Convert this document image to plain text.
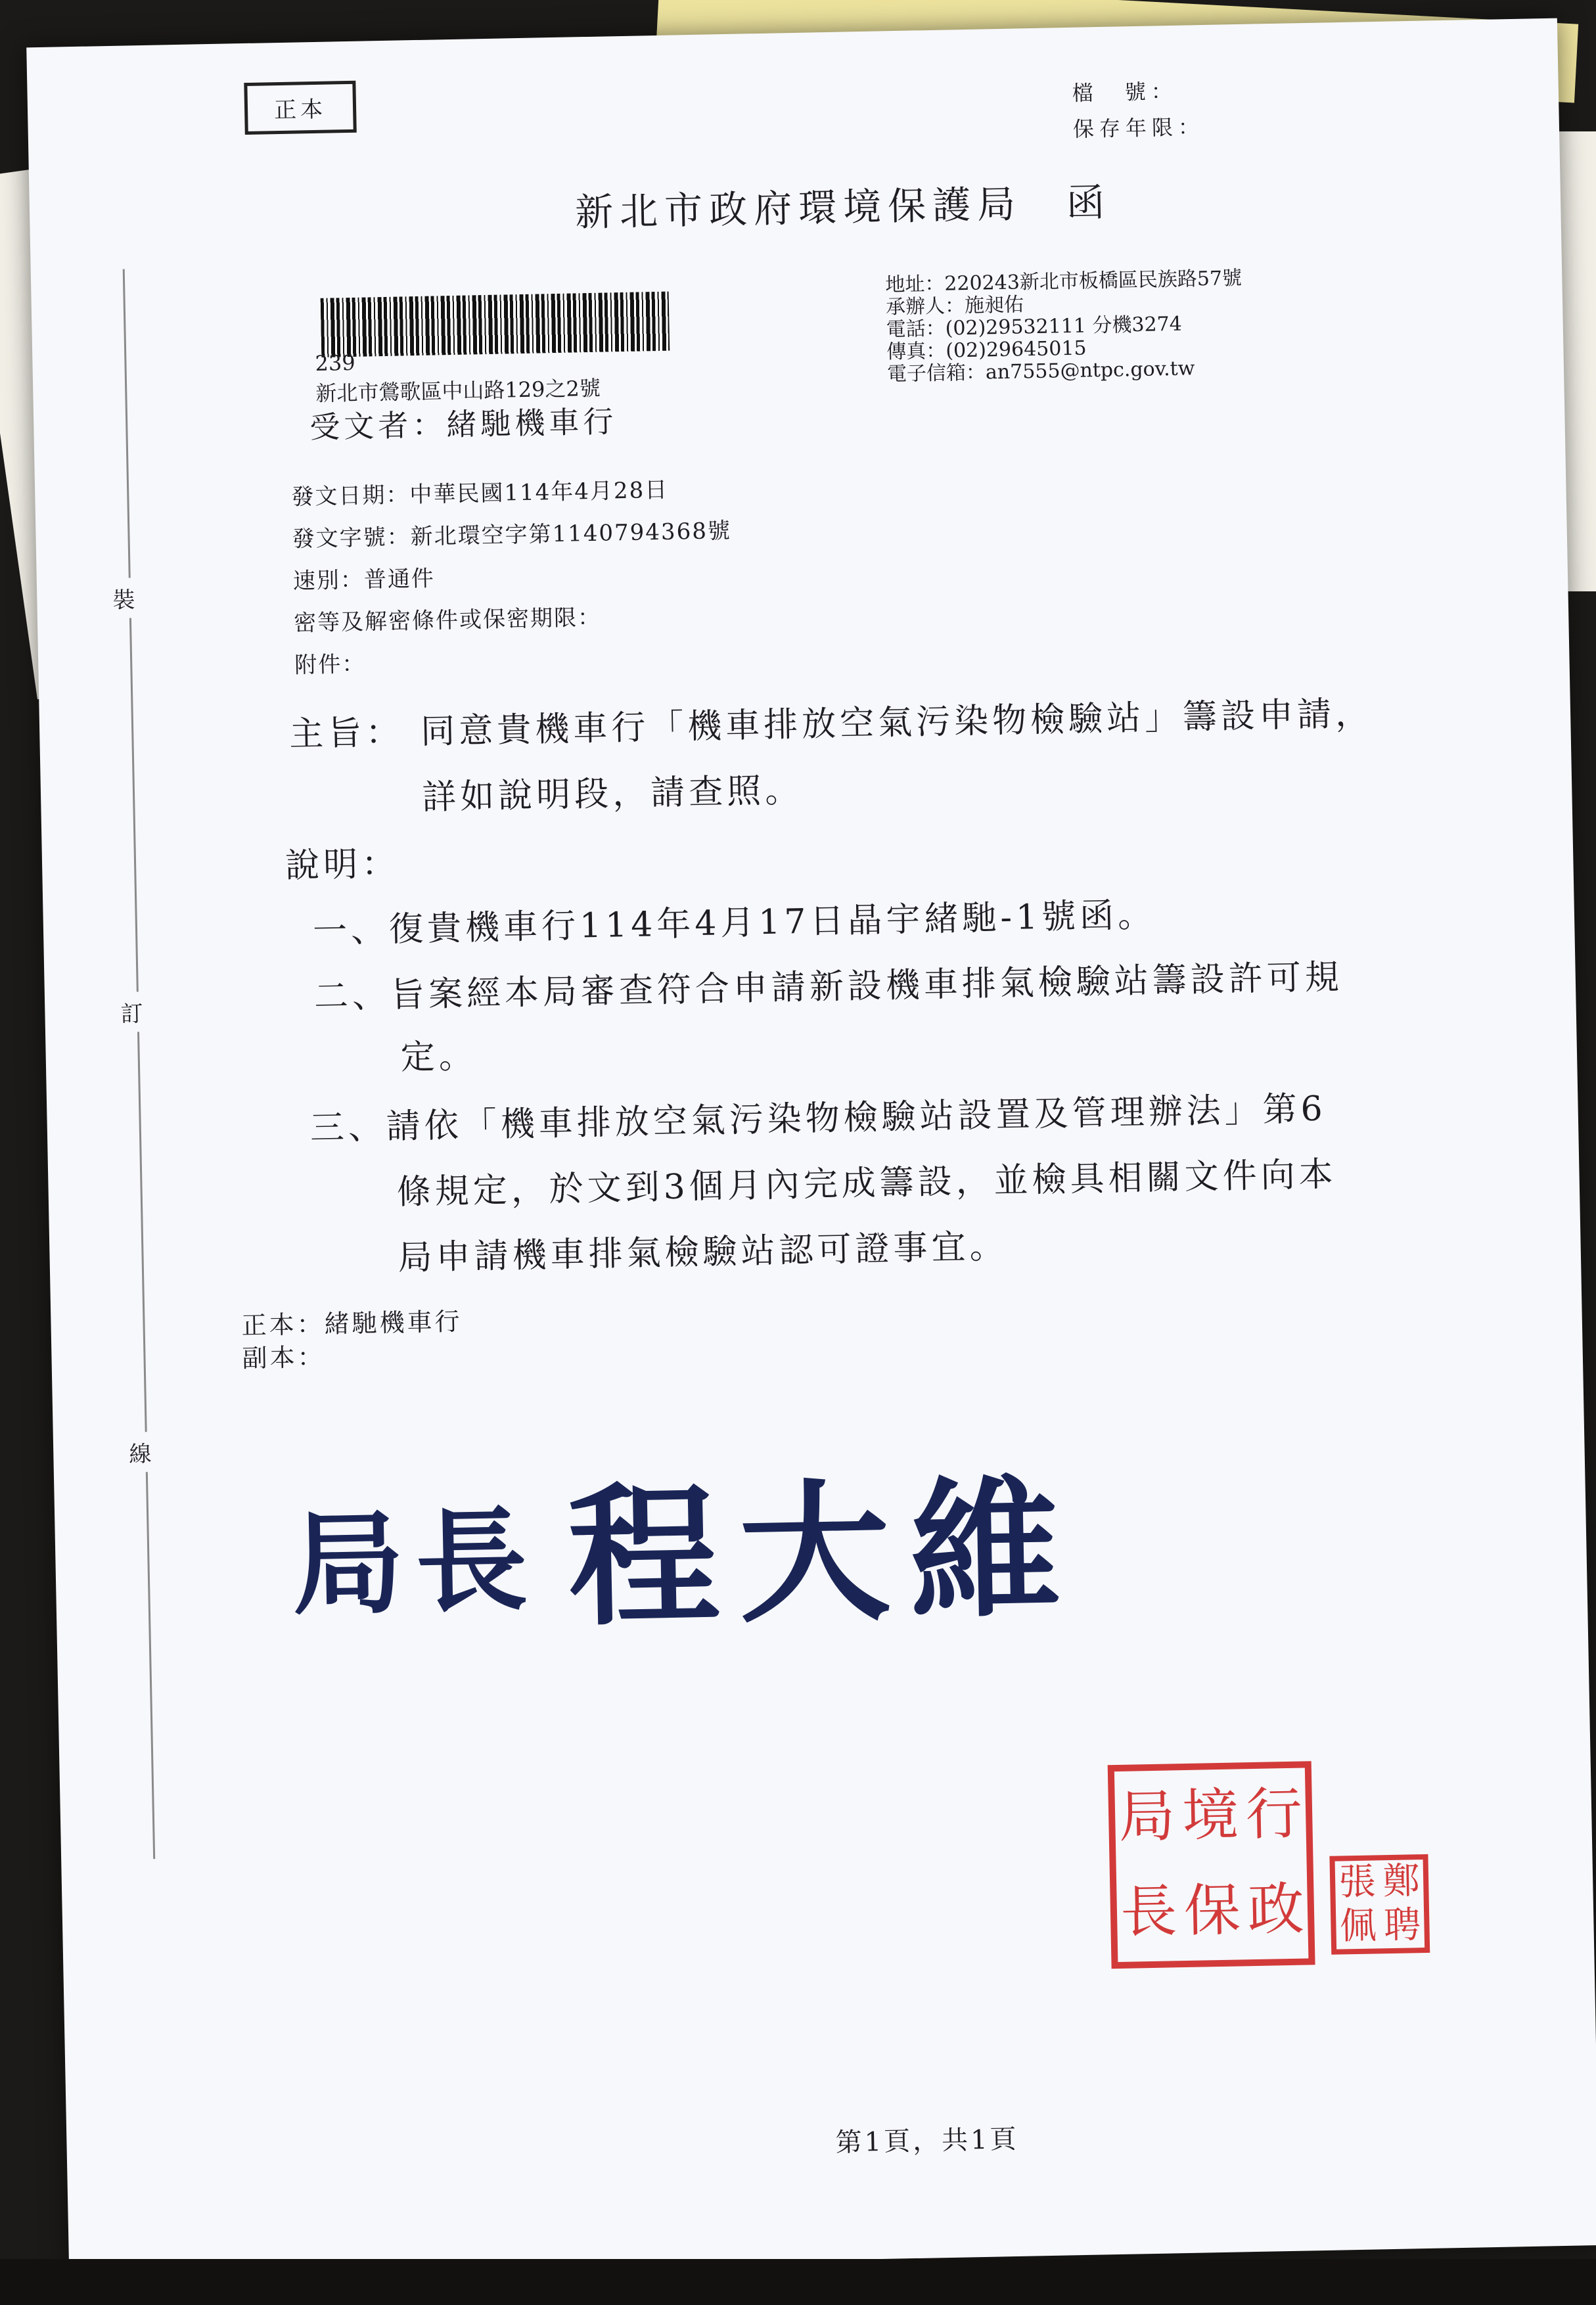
正本
檔　號：
保存年限：
新北市政府環境保護局　函
地址：220243新北市板橋區民族路57號
承辦人：施昶佑
電話：(02)29532111 分機3274
傳真：(02)29645015
電子信箱：an7555@ntpc.gov.tw
239
新北市鶯歌區中山路129之2號
受文者：緒馳機車行
發文日期：中華民國114年4月28日
發文字號：新北環空字第1140794368號
速別：普通件
密等及解密條件或保密期限：
附件：
主旨： 同意貴機車行「機車排放空氣污染物檢驗站」籌設申請，
詳如說明段，請查照。
說明：
一、復貴機車行114年4月17日晶宇緒馳-1號函。
二、旨案經本局審查符合申請新設機車排氣檢驗站籌設許可規
定。
三、請依「機車排放空氣污染物檢驗站設置及管理辦法」第6
條規定，於文到3個月內完成籌設，並檢具相關文件向本
局申請機車排氣檢驗站認可證事宜。
正本：緒馳機車行
副本：
裝
訂
線
局長 程大維
局 境 行
長 保 政 張 鄭
佩 聘
第1頁，共1頁
